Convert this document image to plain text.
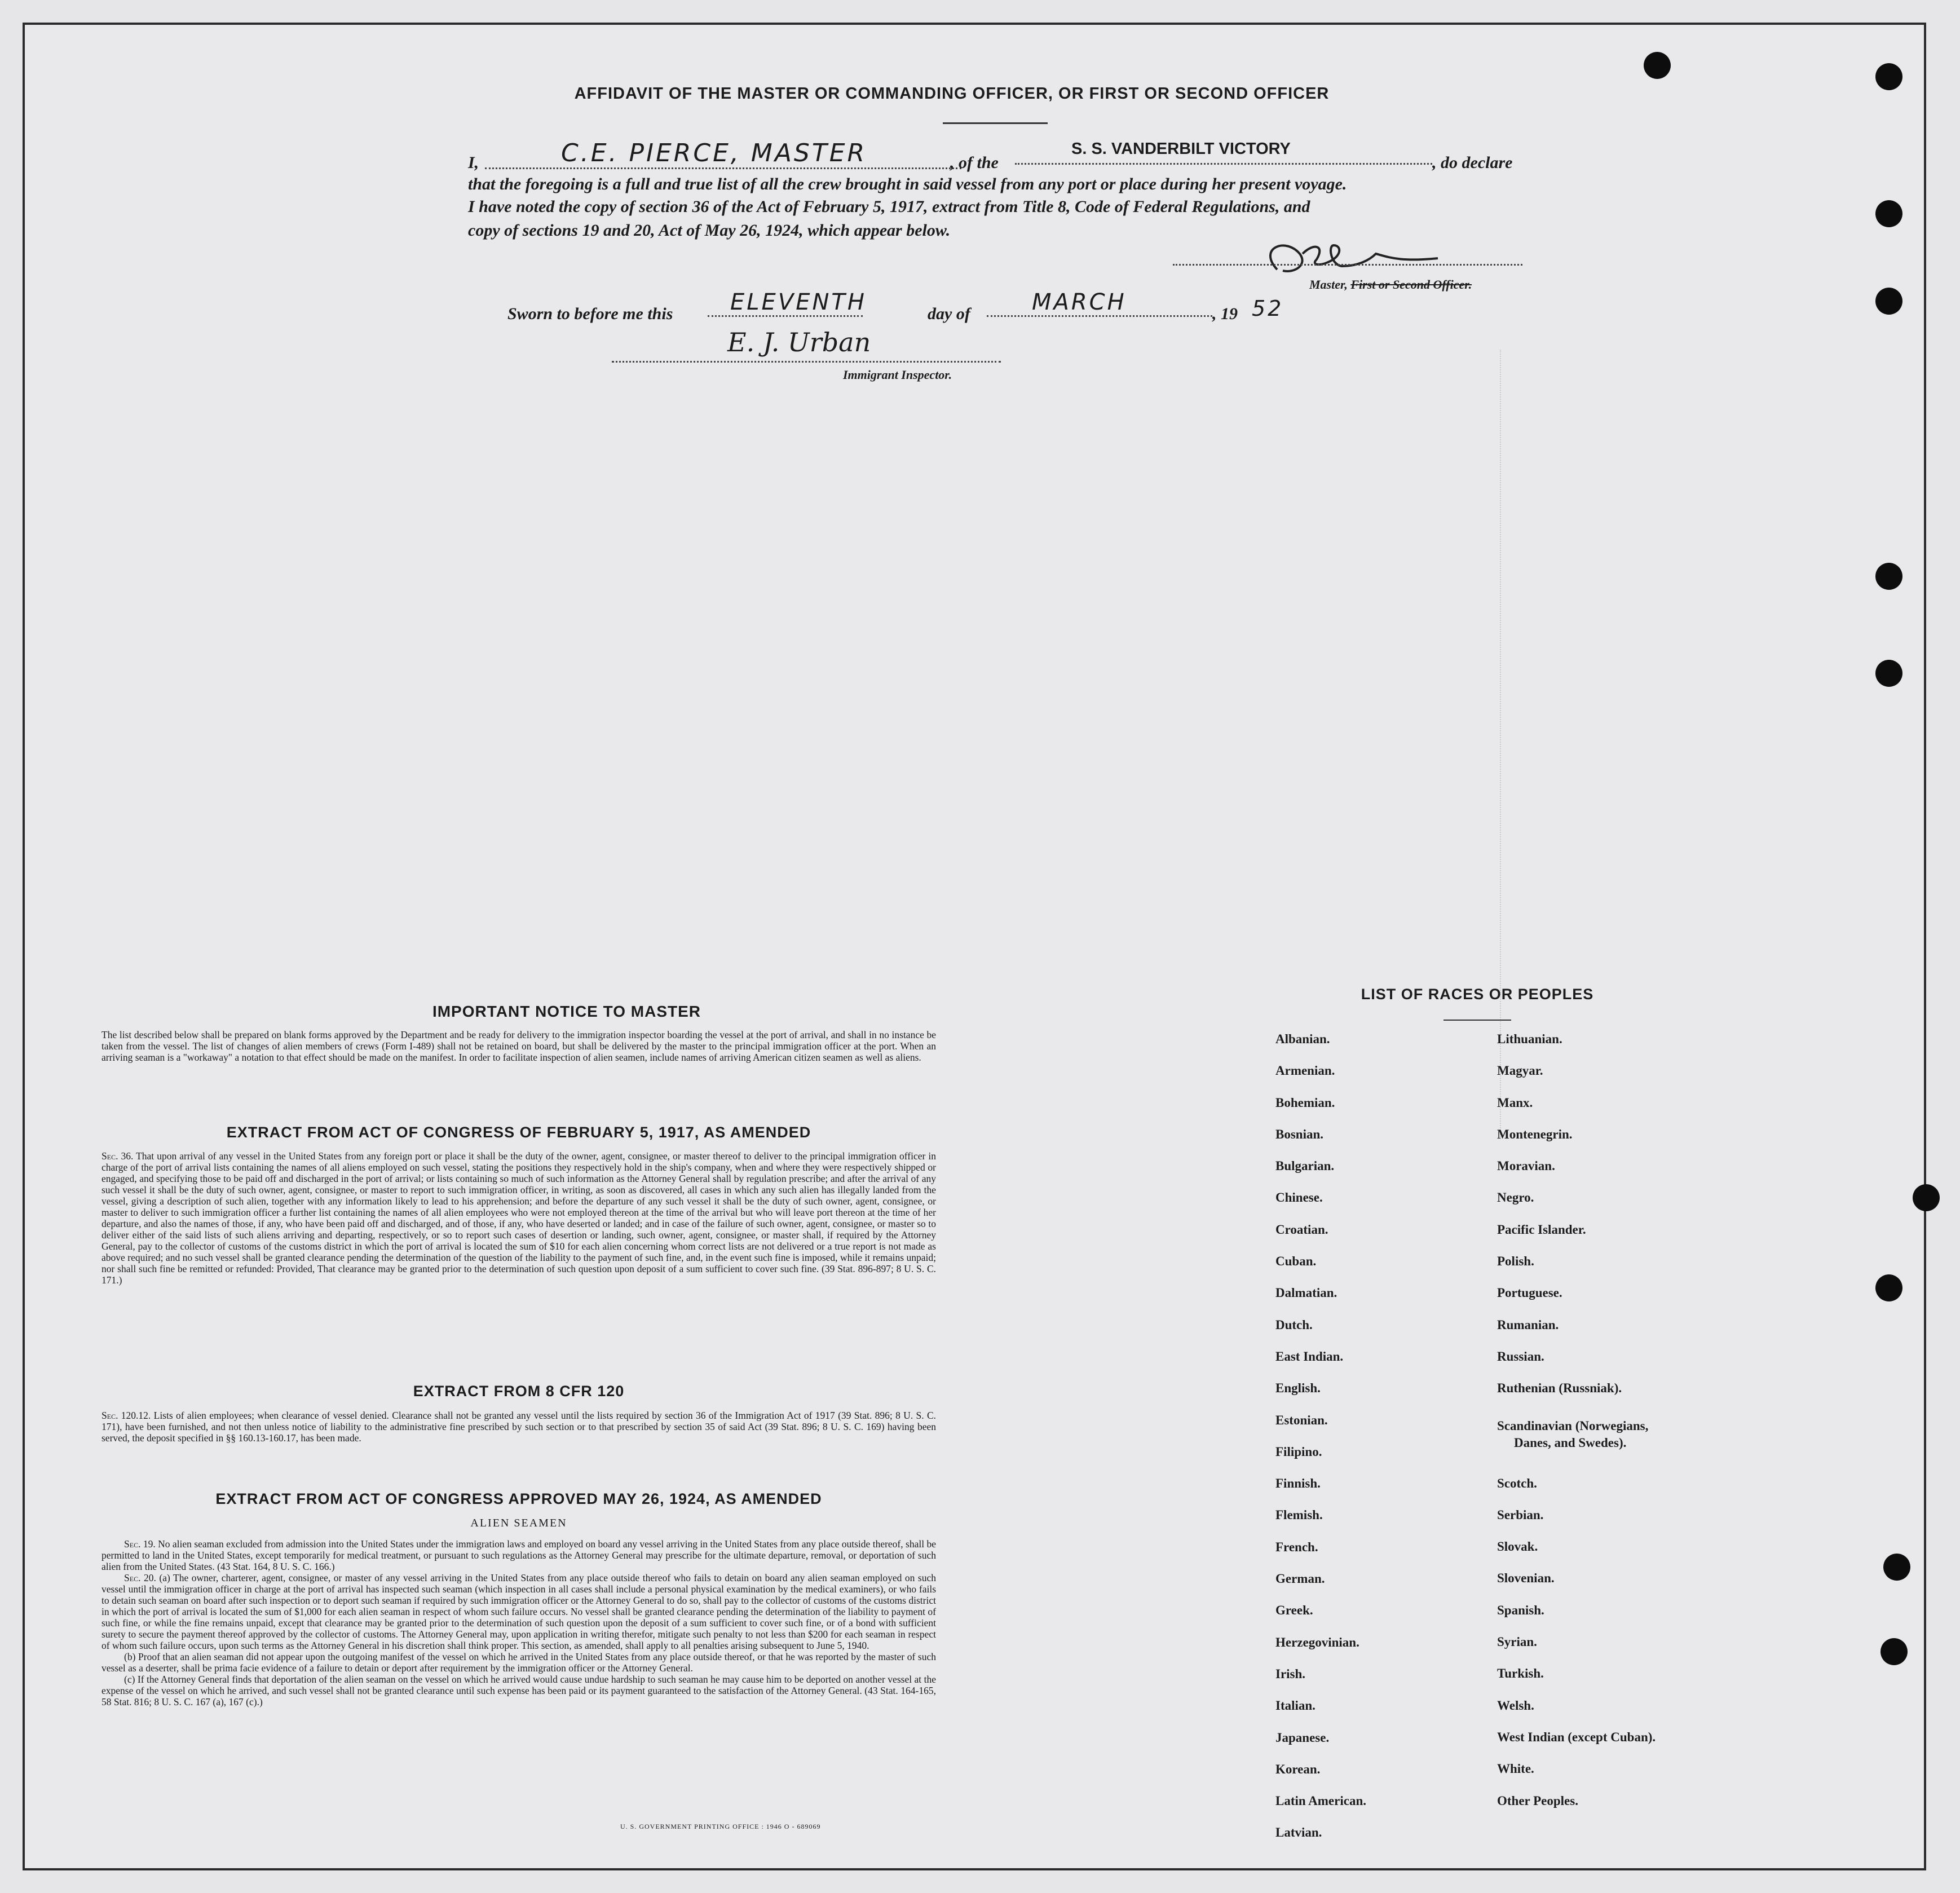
AFFIDAVIT OF THE MASTER OR COMMANDING OFFICER, OR FIRST OR SECOND OFFICER
I,	C.E. PIERCE, MASTER	, of the
S. S. VANDERBILT VICTORY
, do declare
that the foregoing is a full and true list of all the crew brought in said vessel from any port or place during her present voyage.
I have noted the copy of section 36 of the Act of February 5, 1917, extract from Title 8, Code of Federal Regulations, and
copy of sections 19 and 20, Act of May 26, 1924, which appear below.
Master, First or Second Officer.
Sworn to before me this	ELEVENTH	day of	MARCH	, 19 52
E. J. Urban
Immigrant Inspector.
IMPORTANT NOTICE TO MASTER
The list described below shall be prepared on blank forms approved by the Department and be ready for delivery to the immigration inspector boarding the vessel at the port of arrival, and shall in no instance be taken from the vessel. The list of changes of alien members of crews (Form I-489) shall not be retained on board, but shall be delivered by the master to the principal immigration officer at the port. When an arriving seaman is a "workaway" a notation to that effect should be made on the manifest. In order to facilitate inspection of alien seamen, include names of arriving American citizen seamen as well as aliens.
EXTRACT FROM ACT OF CONGRESS OF FEBRUARY 5, 1917, AS AMENDED
Sec. 36. That upon arrival of any vessel in the United States from any foreign port or place it shall be the duty of the owner, agent, consignee, or master thereof to deliver to the principal immigration officer in charge of the port of arrival lists containing the names of all aliens employed on such vessel, stating the positions they respectively hold in the ship's company, when and where they were respectively shipped or engaged, and specifying those to be paid off and discharged in the port of arrival; or lists containing so much of such information as the Attorney General shall by regulation prescribe; and after the arrival of any such vessel it shall be the duty of such owner, agent, consignee, or master to report to such immigration officer, in writing, as soon as discovered, all cases in which any such alien has illegally landed from the vessel, giving a description of such alien, together with any information likely to lead to his apprehension; and before the departure of any such vessel it shall be the duty of such owner, agent, consignee, or master to deliver to such immigration officer a further list containing the names of all alien employees who were not employed thereon at the time of the arrival but who will leave port thereon at the time of her departure, and also the names of those, if any, who have been paid off and discharged, and of those, if any, who have deserted or landed; and in case of the failure of such owner, agent, consignee, or master so to deliver either of the said lists of such aliens arriving and departing, respectively, or so to report such cases of desertion or landing, such owner, agent, consignee, or master shall, if required by the Attorney General, pay to the collector of customs of the customs district in which the port of arrival is located the sum of $10 for each alien concerning whom correct lists are not delivered or a true report is not made as above required; and no such vessel shall be granted clearance pending the determination of the question of the liability to the payment of such fine, and, in the event such fine is imposed, while it remains unpaid; nor shall such fine be remitted or refunded: Provided, That clearance may be granted prior to the determination of such question upon deposit of a sum sufficient to cover such fine. (39 Stat. 896-897; 8 U. S. C. 171.)
EXTRACT FROM 8 CFR 120
Sec. 120.12. Lists of alien employees; when clearance of vessel denied. Clearance shall not be granted any vessel until the lists required by section 36 of the Immigration Act of 1917 (39 Stat. 896; 8 U. S. C. 171), have been furnished, and not then unless notice of liability to the administrative fine prescribed by such section or to that prescribed by section 35 of said Act (39 Stat. 896; 8 U. S. C. 169) having been served, the deposit specified in §§ 160.13-160.17, has been made.
EXTRACT FROM ACT OF CONGRESS APPROVED MAY 26, 1924, AS AMENDED
ALIEN SEAMEN
Sec. 19. No alien seaman excluded from admission into the United States under the immigration laws and employed on board any vessel arriving in the United States from any place outside thereof, shall be permitted to land in the United States, except temporarily for medical treatment, or pursuant to such regulations as the Attorney General may prescribe for the ultimate departure, removal, or deportation of such alien from the United States. (43 Stat. 164, 8 U. S. C. 166.)
Sec. 20. (a) The owner, charterer, agent, consignee, or master of any vessel arriving in the United States from any place outside thereof who fails to detain on board any alien seaman employed on such vessel until the immigration officer in charge at the port of arrival has inspected such seaman (which inspection in all cases shall include a personal physical examination by the medical examiners), or who fails to detain such seaman on board after such inspection or to deport such seaman if required by such immigration officer or the Attorney General to do so, shall pay to the collector of customs of the customs district in which the port of arrival is located the sum of $1,000 for each alien seaman in respect of whom such failure occurs. No vessel shall be granted clearance pending the determination of the liability to payment of such fine, or while the fine remains unpaid, except that clearance may be granted prior to the determination of such question upon the deposit of a sum sufficient to cover such fine, or of a bond with sufficient surety to secure the payment thereof approved by the collector of customs. The Attorney General may, upon application in writing therefor, mitigate such penalty to not less than $200 for each seaman in respect of whom such failure occurs, upon such terms as the Attorney General in his discretion shall think proper. This section, as amended, shall apply to all penalties arising subsequent to June 5, 1940.
(b) Proof that an alien seaman did not appear upon the outgoing manifest of the vessel on which he arrived in the United States from any place outside thereof, or that he was reported by the master of such vessel as a deserter, shall be prima facie evidence of a failure to detain or deport after requirement by the immigration officer or the Attorney General.
(c) If the Attorney General finds that deportation of the alien seaman on the vessel on which he arrived would cause undue hardship to such seaman he may cause him to be deported on another vessel at the expense of the vessel on which he arrived, and such vessel shall not be granted clearance until such expense has been paid or its payment guaranteed to the satisfaction of the Attorney General. (43 Stat. 164-165, 58 Stat. 816; 8 U. S. C. 167 (a), 167 (c).)
U. S. GOVERNMENT PRINTING OFFICE : 1946 O - 689069
LIST OF RACES OR PEOPLES
Albanian.
Armenian.
Bohemian.
Bosnian.
Bulgarian.
Chinese.
Croatian.
Cuban.
Dalmatian.
Dutch.
East Indian.
English.
Estonian.
Filipino.
Finnish.
Flemish.
French.
German.
Greek.
Herzegovinian.
Irish.
Italian.
Japanese.
Korean.
Latin American.
Latvian.
Lithuanian.
Magyar.
Manx.
Montenegrin.
Moravian.
Negro.
Pacific Islander.
Polish.
Portuguese.
Rumanian.
Russian.
Ruthenian (Russniak).
Scandinavian (Norwegians,
Danes, and Swedes).
Scotch.
Serbian.
Slovak.
Slovenian.
Spanish.
Syrian.
Turkish.
Welsh.
West Indian (except Cuban).
White.
Other Peoples.
